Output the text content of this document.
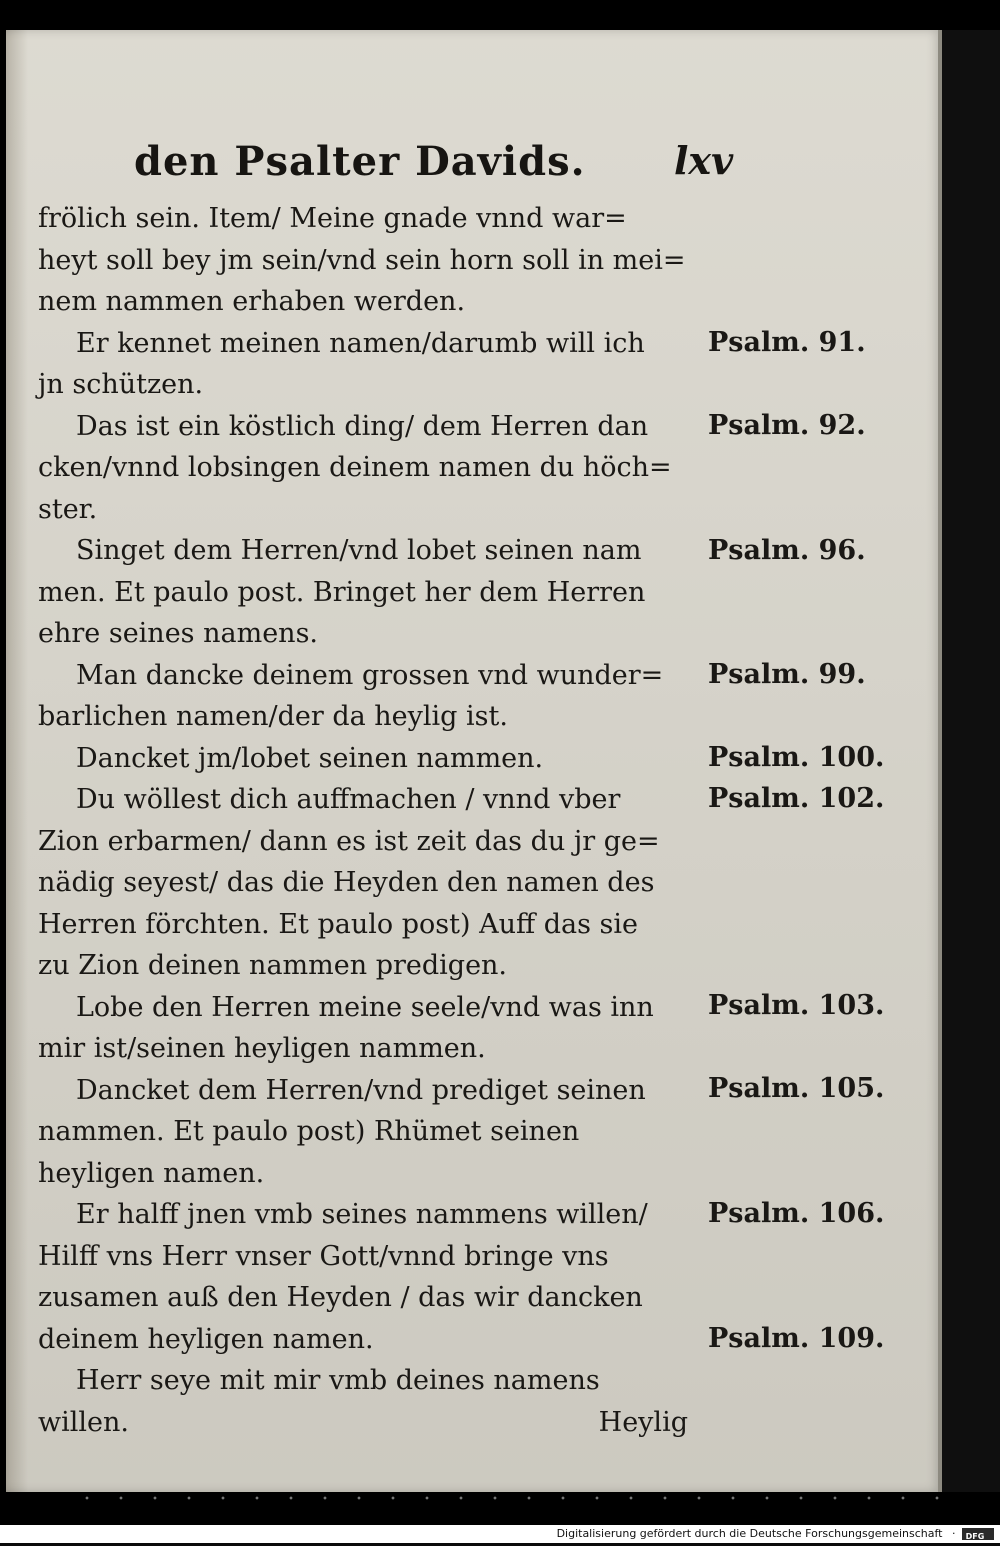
den Psalter Davids. lxv
frölich sein. Item/ Meine gnade vnnd war=
heyt soll bey jm sein/vnd sein horn soll in mei=
nem nammen erhaben werden.
Er kennet meinen namen/darumb will ich
jn schützen.
Das ist ein köstlich ding/ dem Herren dan
cken/vnnd lobsingen deinem namen du höch=
ster.
Singet dem Herren/vnd lobet seinen nam
men. Et paulo post. Bringet her dem Herren
ehre seines namens.
Man dancke deinem grossen vnd wunder=
barlichen namen/der da heylig ist.
Dancket jm/lobet seinen nammen.
Du wöllest dich auffmachen / vnnd vber
Zion erbarmen/ dann es ist zeit das du jr ge=
nädig seyest/ das die Heyden den namen des
Herren förchten. Et paulo post) Auff das sie
zu Zion deinen nammen predigen.
Lobe den Herren meine seele/vnd was inn
mir ist/seinen heyligen nammen.
Dancket dem Herren/vnd prediget seinen
nammen. Et paulo post) Rhümet seinen
heyligen namen.
Er halff jnen vmb seines nammens willen/
Hilff vns Herr vnser Gott/vnnd bringe vns
zusamen auß den Heyden / das wir dancken
deinem heyligen namen.
Herr seye mit mir vmb deines namens
willen.	Heylig
Psalm. 91.
Psalm. 92.
Psalm. 96.
Psalm. 99.
Psalm. 100.
Psalm. 102.
Psalm. 103.
Psalm. 105.
Psalm. 106.
Psalm. 109.
Digitalisierung gefördert durch die Deutsche Forschungsgemeinschaft · DFG
